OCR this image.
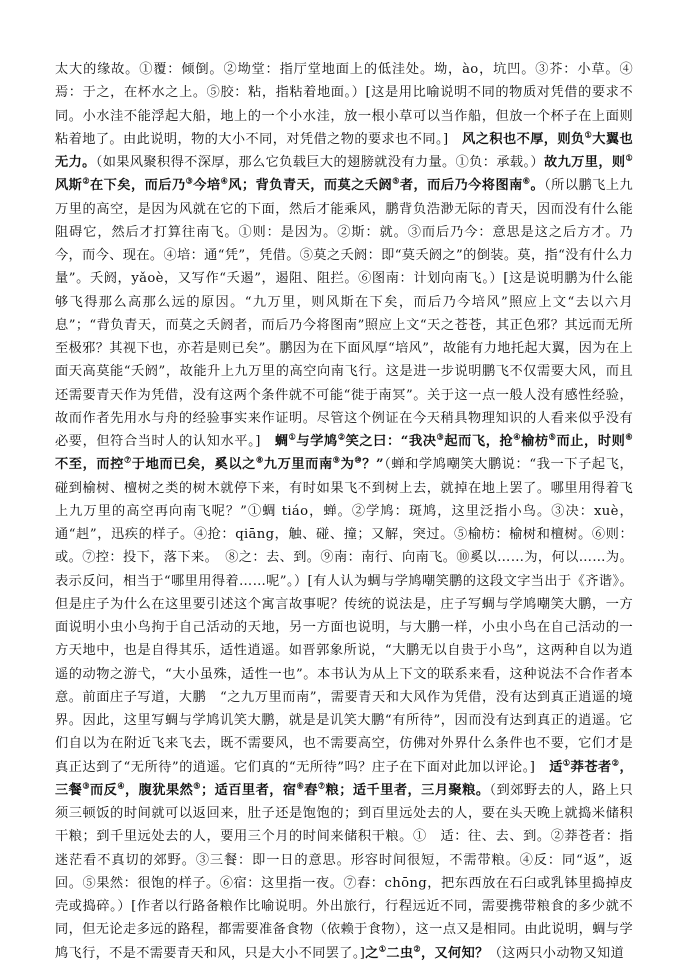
太大的缘故。①覆：倾倒。②坳堂：指厅堂地面上的低洼处。坳，ào，坑凹。③芥：小草。④焉：于之，在杯水之上。⑤胶：粘，指粘着地面。）[这是用比喻说明不同的物质对凭借的要求不同。小水洼不能浮起大船，地上的一个小水洼，放一根小草可以当作船，但放一个杯子在上面则粘着地了。由此说明，物的大小不同，对凭借之物的要求也不同。]　风之积也不厚，则负①大翼也无力。（如果风聚积得不深厚，那么它负载巨大的翅膀就没有力量。①负：承载。）故九万里，则①风斯②在下矣，而后乃③今培④风；背负青天，而莫之夭阏⑤者，而后乃今将图南⑥。（所以鹏飞上九万里的高空，是因为风就在它的下面，然后才能乘风，鹏背负浩渺无际的青天，因而没有什么能阻碍它，然后才打算往南飞。①则：是因为。②斯：就。③而后乃今：意思是这之后方才。乃今，而今、现在。④培：通“凭”，凭借。⑤莫之夭阏：即“莫夭阏之”的倒装。莫，指“没有什么力量”。夭阏，yǎoè，又写作“夭遏”，遏阻、阻拦。⑥图南：计划向南飞。）[这是说明鹏为什么能够飞得那么高那么远的原因。“九万里，则风斯在下矣，而后乃今培风”照应上文“去以六月息”；“背负青天，而莫之夭阏者，而后乃今将图南”照应上文“天之苍苍，其正色邪？其远而无所至极邪？其视下也，亦若是则已矣”。鹏因为在下面风厚“培风”，故能有力地托起大翼，因为在上面天高莫能“夭阏”，故能升上九万里的高空向南飞行。这是进一步说明鹏飞不仅需要大风，而且还需要青天作为凭借，没有这两个条件就不可能“徙于南冥”。关于这一点一般人没有感性经验，故而作者先用水与舟的经验事实来作证明。尽管这个例证在今天稍具物理知识的人看来似乎没有必要，但符合当时人的认知水平。]　蜩①与学鸠②笑之曰：“我决③起而飞，抢④榆枋⑤而止，时则⑥不至，而控⑦于地而已矣，奚以之⑧九万里而南⑨为⑩？”（蝉和学鸠嘲笑大鹏说：“我一下子起飞，碰到榆树、檀树之类的树木就停下来，有时如果飞不到树上去，就掉在地上罢了。哪里用得着飞上九万里的高空再向南飞呢？”①蜩 tiáo，蝉。②学鸠：斑鸠，这里泛指小鸟。③决：xuè，通“赳”，迅疾的样子。④抢：qiāng，触、碰、撞；又解，突过。⑤榆枋：榆树和檀树。⑥则：或。⑦控：投下，落下来。　⑧之：去、到。⑨南：南行、向南飞。⑩奚以……为，何以……为。表示反问，相当于“哪里用得着……呢”。）[有人认为蜩与学鸠嘲笑鹏的这段文字当出于《齐谐》。但是庄子为什么在这里要引述这个寓言故事呢？传统的说法是，庄子写蜩与学鸠嘲笑大鹏，一方面说明小虫小鸟拘于自己活动的天地，另一方面也说明，与大鹏一样，小虫小鸟在自己活动的一方天地中，也是自得其乐，适性逍遥。如晋郭象所说，“大鹏无以自贵于小鸟”，这两种自以为逍遥的动物之游弋，“大小虽殊，适性一也”。本书认为从上下文的联系来看，这种说法不合作者本意。前面庄子写道，大鹏　“之九万里而南”，需要青天和大风作为凭借，没有达到真正逍遥的境界。因此，这里写蜩与学鸠讥笑大鹏，就是是讥笑大鹏“有所待”，因而没有达到真正的逍遥。它们自以为在附近飞来飞去，既不需要风，也不需要高空，仿佛对外界什么条件也不要，它们才是真正达到了“无所待”的逍遥。它们真的“无所待”吗？庄子在下面对此加以评论。]　适①莽苍者②，三餐③而反④，腹犹果然⑤；适百里者，宿⑥舂⑦粮；适千里者，三月聚粮。（到郊野去的人，路上只须三顿饭的时间就可以返回来，肚子还是饱饱的；到百里远处去的人，要在头天晚上就捣米储积干粮；到千里远处去的人，要用三个月的时间来储积干粮。①　适：往、去、到。②莽苍者：指迷茫看不真切的郊野。③三餐：即一日的意思。形容时间很短，不需带粮。④反：同“返”，返回。⑤果然：很饱的样子。⑥宿：这里指一夜。⑦舂：chōng，把东西放在石臼或乳钵里捣掉皮壳或捣碎。）[作者以行路备粮作比喻说明。外出旅行，行程远近不同，需要携带粮食的多少就不同，但无论走多远的路程，都需要准备食物（依赖于食物），这一点又是相同。由此说明，蜩与学鸠飞行，不是不需要青天和风，只是大小不同罢了。]之①二虫②，又何知？（这两只小动物又知道
